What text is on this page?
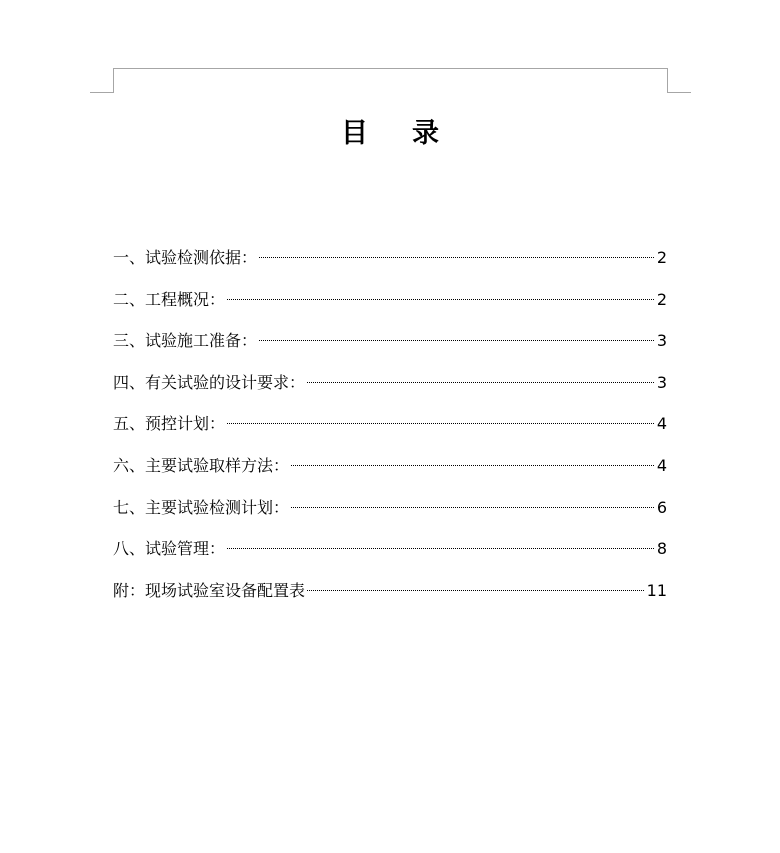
目录
一、试验检测依据：	2
二、工程概况：	2
三、试验施工准备：	3
四、有关试验的设计要求：	3
五、预控计划：	4
六、主要试验取样方法：	4
七、主要试验检测计划：	6
八、试验管理：	8
附：现场试验室设备配置表	11
